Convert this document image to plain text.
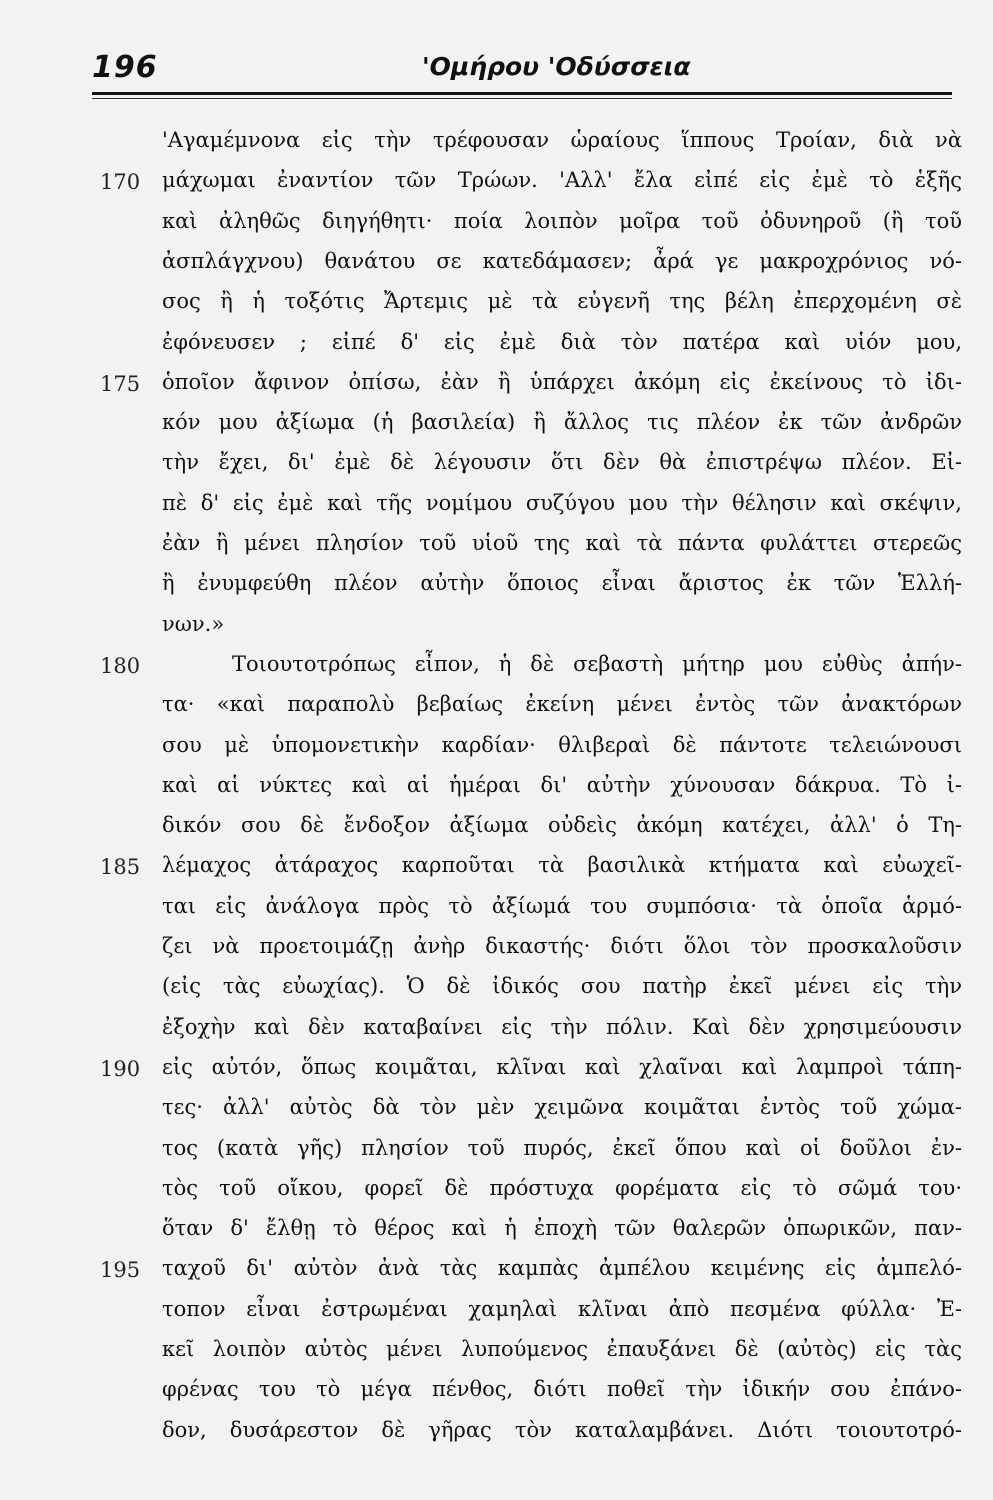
196	'Ομήρου 'Οδύσσεια
170
175
180
185
190
195
'Αγαμέμνονα εἰς τὴν τρέφουσαν ὡραίους ἵππους Τροίαν, διὰ νὰ
μάχωμαι ἐναντίον τῶν Τρώων. 'Αλλ' ἔλα εἰπέ εἰς ἐμὲ τὸ ἑξῆς
καὶ ἀληθῶς διηγήθητι· ποία λοιπὸν μοῖρα τοῦ ὀδυνηροῦ (ἢ τοῦ
ἀσπλάγχνου) θανάτου σε κατεδάμασεν; ἆρά γε μακροχρόνιος νό-
σος ἢ ἡ τοξότις Ἄρτεμις μὲ τὰ εὐγενῆ της βέλη ἐπερχομένη σὲ
ἐφόνευσεν ; εἰπέ δ' εἰς ἐμὲ διὰ τὸν πατέρα καὶ υἱόν μου,
ὁποῖον ἄφινον ὀπίσω, ἐὰν ἢ ὑπάρχει ἀκόμη εἰς ἐκείνους τὸ ἰδι-
κόν μου ἀξίωμα (ἡ βασιλεία) ἢ ἄλλος τις πλέον ἐκ τῶν ἀνδρῶν
τὴν ἔχει, δι' ἐμὲ δὲ λέγουσιν ὅτι δὲν θὰ ἐπιστρέψω πλέον. Εἰ-
πὲ δ' εἰς ἐμὲ καὶ τῆς νομίμου συζύγου μου τὴν θέλησιν καὶ σκέψιν,
ἐὰν ἢ μένει πλησίον τοῦ υἱοῦ της καὶ τὰ πάντα φυλάττει στερεῶς
ἢ ἐνυμφεύθη πλέον αὐτὴν ὅποιος εἶναι ἄριστος ἐκ τῶν Ἑλλή-
νων.»
Τοιουτοτρόπως εἶπον, ἡ δὲ σεβαστὴ μήτηρ μου εὐθὺς ἀπήν-
τα· «καὶ παραπολὺ βεβαίως ἐκείνη μένει ἐντὸς τῶν ἀνακτόρων
σου μὲ ὑπομονετικὴν καρδίαν· θλιβεραὶ δὲ πάντοτε τελειώνουσι
καὶ αἱ νύκτες καὶ αἱ ἡμέραι δι' αὐτὴν χύνουσαν δάκρυα. Τὸ ἰ-
δικόν σου δὲ ἔνδοξον ἀξίωμα οὐδεὶς ἀκόμη κατέχει, ἀλλ' ὁ Τη-
λέμαχος ἀτάραχος καρποῦται τὰ βασιλικὰ κτήματα καὶ εὐωχεῖ-
ται εἰς ἀνάλογα πρὸς τὸ ἀξίωμά του συμπόσια· τὰ ὁποῖα ἁρμό-
ζει νὰ προετοιμάζῃ ἀνὴρ δικαστής· διότι ὅλοι τὸν προσκαλοῦσιν
(εἰς τὰς εὐωχίας). Ὁ δὲ ἰδικός σου πατὴρ ἐκεῖ μένει εἰς τὴν
ἐξοχὴν καὶ δὲν καταβαίνει εἰς τὴν πόλιν. Καὶ δὲν χρησιμεύουσιν
εἰς αὐτόν, ὅπως κοιμᾶται, κλῖναι καὶ χλαῖναι καὶ λαμπροὶ τάπη-
τες· ἀλλ' αὐτὸς δὰ τὸν μὲν χειμῶνα κοιμᾶται ἐντὸς τοῦ χώμα-
τος (κατὰ γῆς) πλησίον τοῦ πυρός, ἐκεῖ ὅπου καὶ οἱ δοῦλοι ἐν-
τὸς τοῦ οἴκου, φορεῖ δὲ πρόστυχα φορέματα εἰς τὸ σῶμά του·
ὅταν δ' ἔλθῃ τὸ θέρος καὶ ἡ ἐποχὴ τῶν θαλερῶν ὀπωρικῶν, παν-
ταχοῦ δι' αὐτὸν ἀνὰ τὰς καμπὰς ἀμπέλου κειμένης εἰς ἀμπελό-
τοπον εἶναι ἐστρωμέναι χαμηλαὶ κλῖναι ἀπὸ πεσμένα φύλλα· Ἐ-
κεῖ λοιπὸν αὐτὸς μένει λυπούμενος ἐπαυξάνει δὲ (αὐτὸς) εἰς τὰς
φρένας του τὸ μέγα πένθος, διότι ποθεῖ τὴν ἰδικήν σου ἐπάνο-
δον, δυσάρεστον δὲ γῆρας τὸν καταλαμβάνει. Διότι τοιουτοτρό-
